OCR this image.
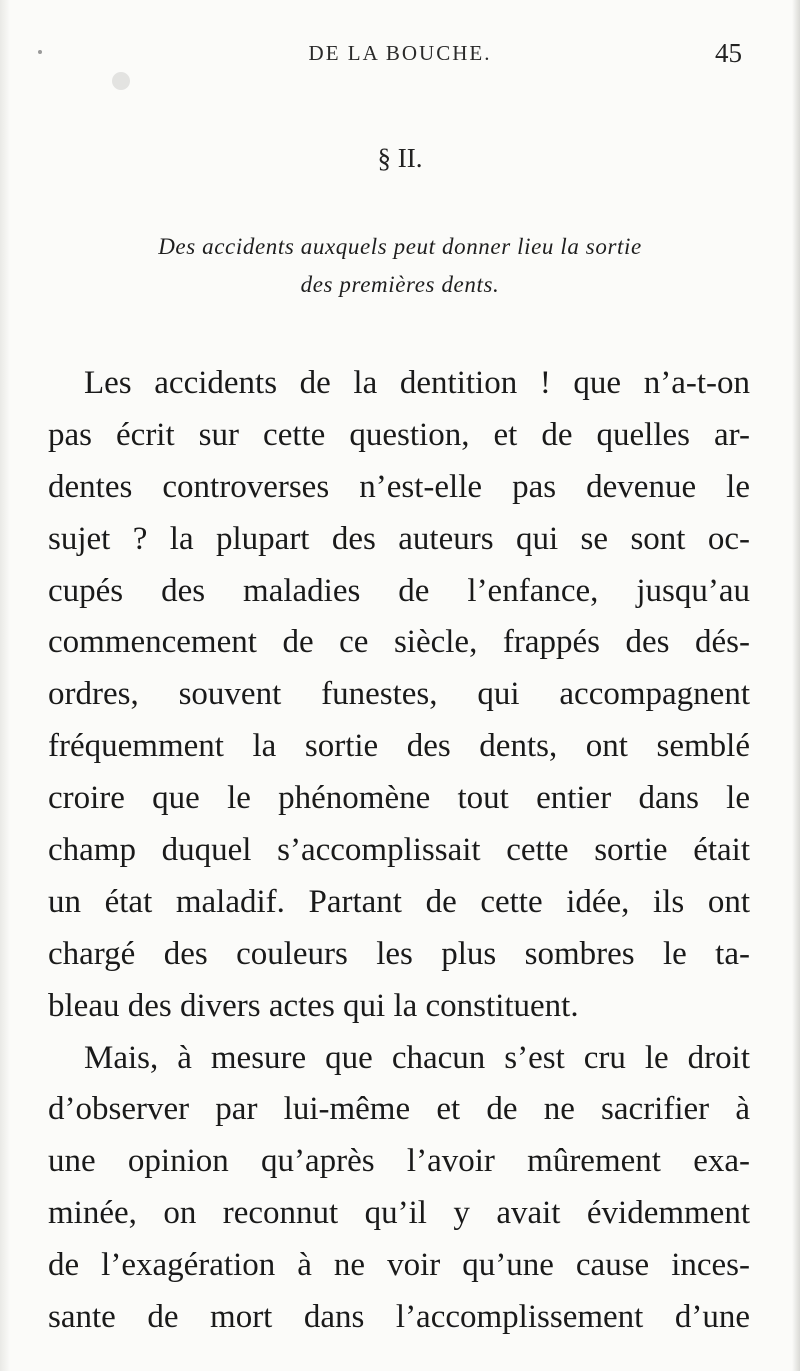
DE LA BOUCHE.	45
§ II.
Des accidents auxquels peut donner lieu la sortie
des premières dents.
Les accidents de la dentition ! que n’a-t-on
pas écrit sur cette question, et de quelles ar-
dentes controverses n’est-elle pas devenue le
sujet ? la plupart des auteurs qui se sont oc-
cupés des maladies de l’enfance, jusqu’au
commencement de ce siècle, frappés des dés-
ordres, souvent funestes, qui accompagnent
fréquemment la sortie des dents, ont semblé
croire que le phénomène tout entier dans le
champ duquel s’accomplissait cette sortie était
un état maladif. Partant de cette idée, ils ont
chargé des couleurs les plus sombres le ta-
bleau des divers actes qui la constituent.
Mais, à mesure que chacun s’est cru le droit
d’observer par lui-même et de ne sacrifier à
une opinion qu’après l’avoir mûrement exa-
minée, on reconnut qu’il y avait évidemment
de l’exagération à ne voir qu’une cause inces-
sante de mort dans l’accomplissement d’une
